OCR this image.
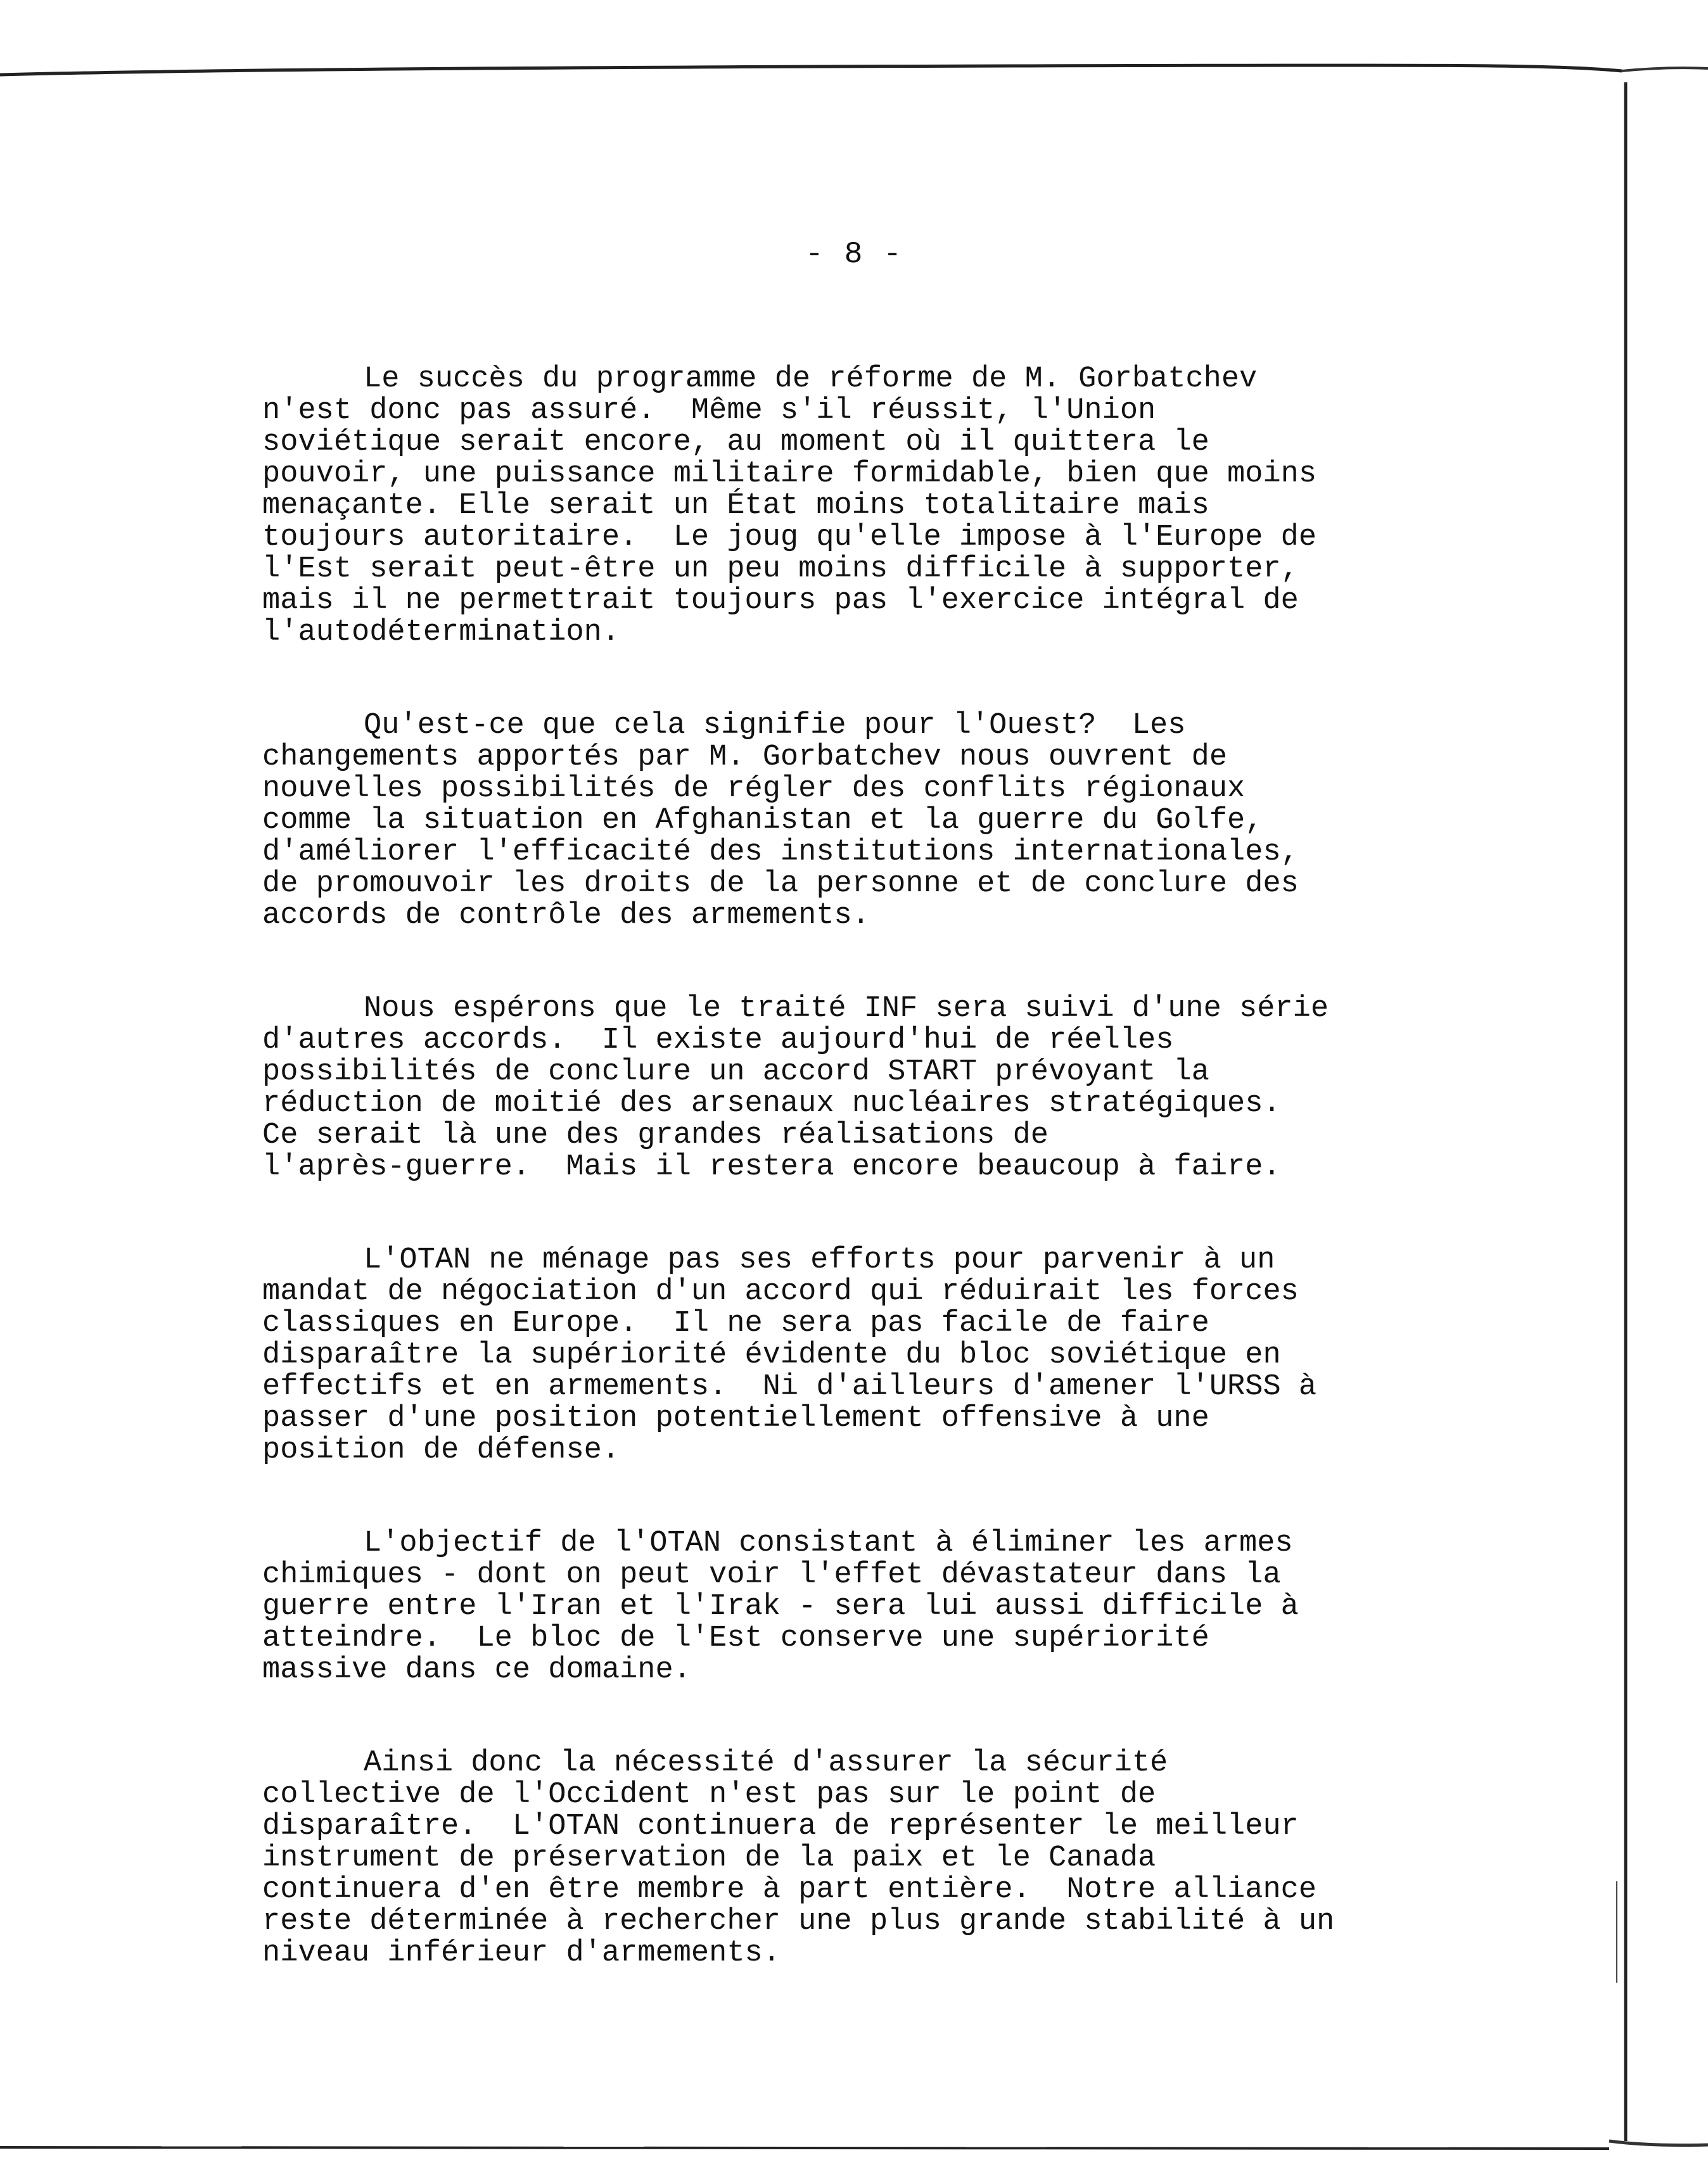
- 8 -

Le succès du programme de réforme de M. Gorbatchev
n'est donc pas assuré.  Même s'il réussit, l'Union
soviétique serait encore, au moment où il quittera le
pouvoir, une puissance militaire formidable, bien que moins
menaçante. Elle serait un État moins totalitaire mais
toujours autoritaire.  Le joug qu'elle impose à l'Europe de
l'Est serait peut-être un peu moins difficile à supporter,
mais il ne permettrait toujours pas l'exercice intégral de
l'autodétermination.

Qu'est-ce que cela signifie pour l'Ouest?  Les
changements apportés par M. Gorbatchev nous ouvrent de
nouvelles possibilités de régler des conflits régionaux
comme la situation en Afghanistan et la guerre du Golfe,
d'améliorer l'efficacité des institutions internationales,
de promouvoir les droits de la personne et de conclure des
accords de contrôle des armements.

Nous espérons que le traité INF sera suivi d'une série
d'autres accords.  Il existe aujourd'hui de réelles
possibilités de conclure un accord START prévoyant la
réduction de moitié des arsenaux nucléaires stratégiques.
Ce serait là une des grandes réalisations de
l'après-guerre.  Mais il restera encore beaucoup à faire.

L'OTAN ne ménage pas ses efforts pour parvenir à un
mandat de négociation d'un accord qui réduirait les forces
classiques en Europe.  Il ne sera pas facile de faire
disparaître la supériorité évidente du bloc soviétique en
effectifs et en armements.  Ni d'ailleurs d'amener l'URSS à
passer d'une position potentiellement offensive à une
position de défense.

L'objectif de l'OTAN consistant à éliminer les armes
chimiques - dont on peut voir l'effet dévastateur dans la
guerre entre l'Iran et l'Irak - sera lui aussi difficile à
atteindre.  Le bloc de l'Est conserve une supériorité
massive dans ce domaine.

Ainsi donc la nécessité d'assurer la sécurité
collective de l'Occident n'est pas sur le point de
disparaître.  L'OTAN continuera de représenter le meilleur
instrument de préservation de la paix et le Canada
continuera d'en être membre à part entière.  Notre alliance
reste déterminée à rechercher une plus grande stabilité à un
niveau inférieur d'armements.
